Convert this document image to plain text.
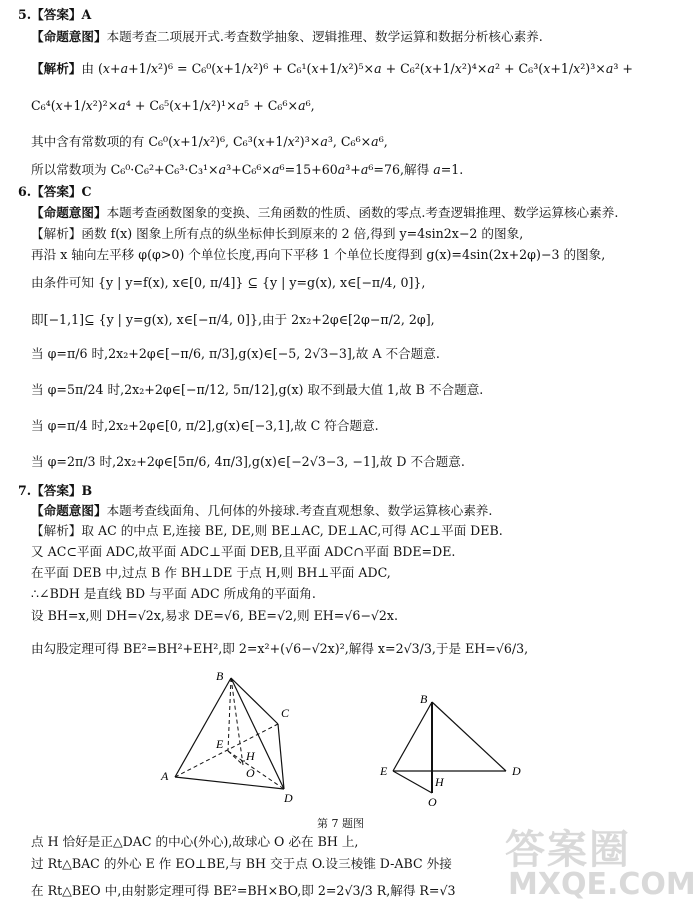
5.【答案】A
【命题意图】本题考查二项展开式.考查数学抽象、逻辑推理、数学运算和数据分析核心素养.
【解析】由 (x+a+1/x²)⁶ = C₆⁰(x+1/x²)⁶ + C₆¹(x+1/x²)⁵×a + C₆²(x+1/x²)⁴×a² + C₆³(x+1/x²)³×a³ +
C₆⁴(x+1/x²)²×a⁴ + C₆⁵(x+1/x²)¹×a⁵ + C₆⁶×a⁶,
其中含有常数项的有 C₆⁰(x+1/x²)⁶, C₆³(x+1/x²)³×a³, C₆⁶×a⁶,
所以常数项为 C₆⁰·C₆²+C₆³·C₃¹×a³+C₆⁶×a⁶=15+60a³+a⁶=76,解得 a=1.
6.【答案】C
【命题意图】本题考查函数图象的变换、三角函数的性质、函数的零点.考查逻辑推理、数学运算核心素养.
【解析】函数 f(x) 图象上所有点的纵坐标伸长到原来的 2 倍,得到 y=4sin2x−2 的图象,
再沿 x 轴向左平移 φ(φ>0) 个单位长度,再向下平移 1 个单位长度得到 g(x)=4sin(2x+2φ)−3 的图象,
由条件可知 {y | y=f(x), x∈[0, π/4]} ⊆ {y | y=g(x), x∈[−π/4, 0]},
即[−1,1]⊆ {y | y=g(x), x∈[−π/4, 0]},由于 2x₂+2φ∈[2φ−π/2, 2φ],
当 φ=π/6 时,2x₂+2φ∈[−π/6, π/3],g(x)∈[−5, 2√3−3],故 A 不合题意.
当 φ=5π/24 时,2x₂+2φ∈[−π/12, 5π/12],g(x) 取不到最大值 1,故 B 不合题意.
当 φ=π/4 时,2x₂+2φ∈[0, π/2],g(x)∈[−3,1],故 C 符合题意.
当 φ=2π/3 时,2x₂+2φ∈[5π/6, 4π/3],g(x)∈[−2√3−3, −1],故 D 不合题意.
7.【答案】B
【命题意图】本题考查线面角、几何体的外接球.考查直观想象、数学运算核心素养.
【解析】取 AC 的中点 E,连接 BE, DE,则 BE⊥AC, DE⊥AC,可得 AC⊥平面 DEB.
又 AC⊂平面 ADC,故平面 ADC⊥平面 DEB,且平面 ADC∩平面 BDE=DE.
在平面 DEB 中,过点 B 作 BH⊥DE 于点 H,则 BH⊥平面 ADC,
∴∠BDH 是直线 BD 与平面 ADC 所成角的平面角.
设 BH=x,则 DH=√2x,易求 DE=√6, BE=√2,则 EH=√6−√2x.
由勾股定理可得 BE²=BH²+EH²,即 2=x²+(√6−√2x)²,解得 x=2√3/3,于是 EH=√6/3,
B
C
E
H
O
A
D
B
E
H
D
O
第 7 题图
点 H 恰好是正△DAC 的中心(外心),故球心 O 必在 BH 上,
过 Rt△BAC 的外心 E 作 EO⊥BE,与 BH 交于点 O.设三棱锥 D-ABC 外接
在 Rt△BEO 中,由射影定理可得 BE²=BH×BO,即 2=2√3/3 R,解得 R=√3
答案圈
MXQE.COM
